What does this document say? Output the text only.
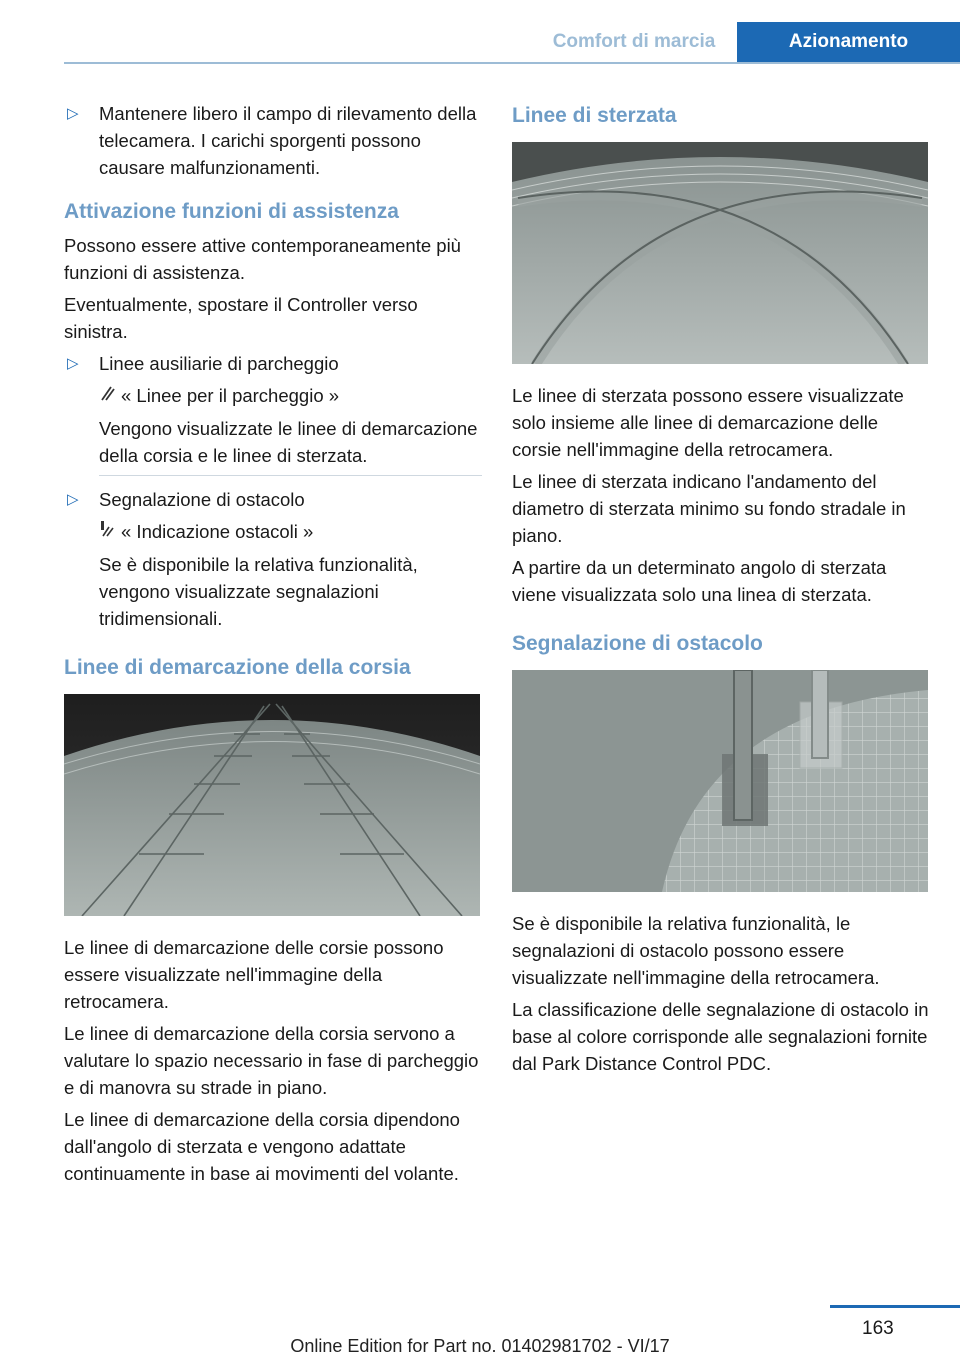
Comfort di marcia	Azionamento
▷ Mantenere libero il campo di rilevamento della telecamera. I carichi sporgenti possono causare malfunzionamenti.
Attivazione funzioni di assistenza

Possono essere attive contemporaneamente più funzioni di assistenza.

Eventualmente, spostare il Controller verso sinistra.

▷ Linee ausiliarie di parcheggio
« Linee per il parcheggio »
Vengono visualizzate le linee di demarcazione della corsia e le linee di sterzata.
▷ Segnalazione di ostacolo
« Indicazione ostacoli »
Se è disponibile la relativa funzionalità, vengono visualizzate segnalazioni tridimensionali.
Linee di demarcazione della corsia

Le linee di demarcazione delle corsie possono essere visualizzate nell'immagine della retrocamera.

Le linee di demarcazione della corsia servono a valutare lo spazio necessario in fase di parcheggio e di manovra su strade in piano.

Le linee di demarcazione della corsia dipendono dall'angolo di sterzata e vengono adattate continuamente in base ai movimenti del volante.

Linee di sterzata

Le linee di sterzata possono essere visualizzate solo insieme alle linee di demarcazione delle corsie nell'immagine della retrocamera.

Le linee di sterzata indicano l'andamento del diametro di sterzata minimo su fondo stradale in piano.

A partire da un determinato angolo di sterzata viene visualizzata solo una linea di sterzata.

Segnalazione di ostacolo

Se è disponibile la relativa funzionalità, le segnalazioni di ostacolo possono essere visualizzate nell'immagine della retrocamera.

La classificazione delle segnalazione di ostacolo in base al colore corrisponde alle segnalazioni fornite dal Park Distance Control PDC.

163
Online Edition for Part no. 01402981702 - VI/17
